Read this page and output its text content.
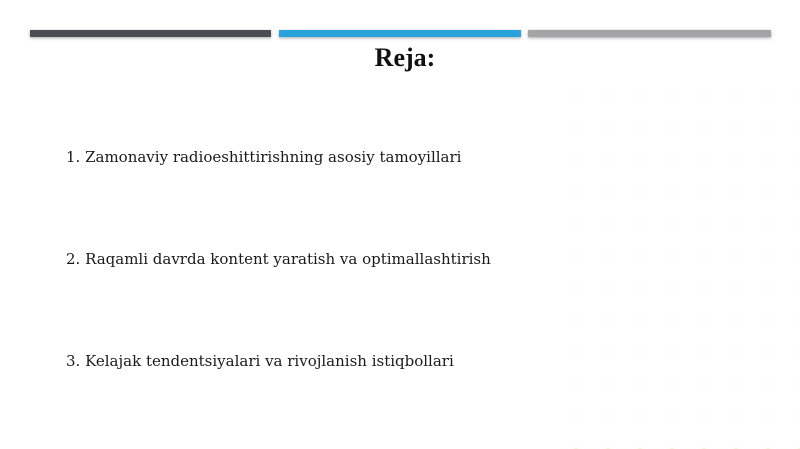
Reja:
1. Zamonaviy radioeshittirishning asosiy tamoyillari
2. Raqamli davrda kontent yaratish va optimallashtirish
3. Kelajak tendentsiyalari va rivojlanish istiqbollari
